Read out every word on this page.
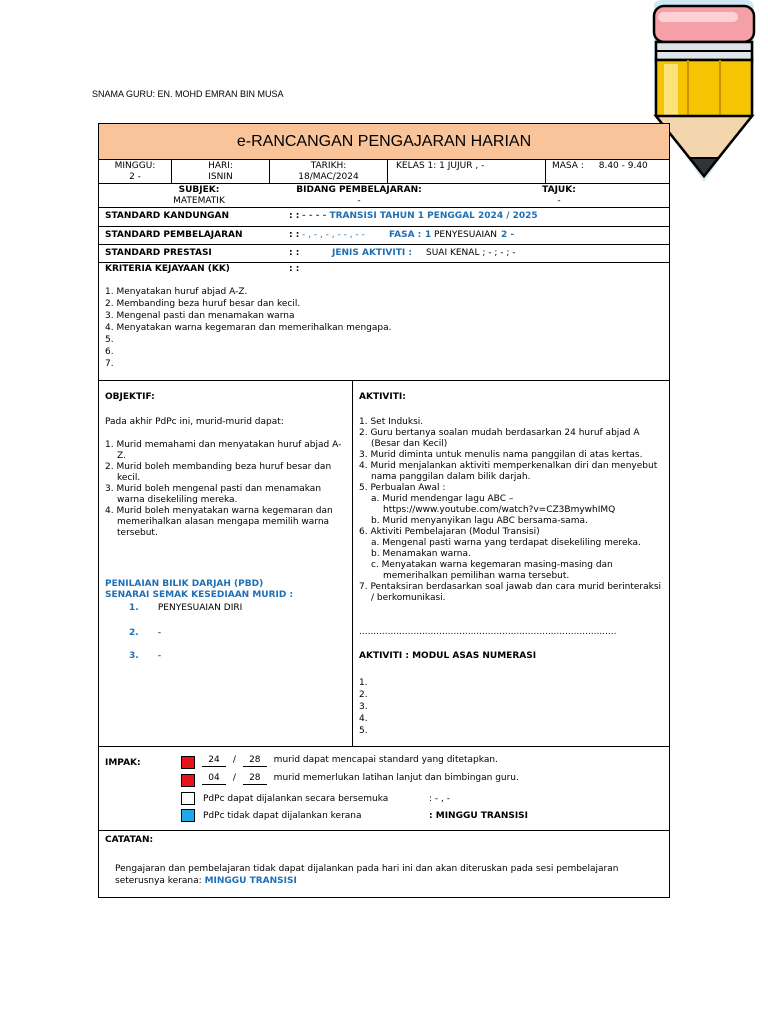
SNAMA GURU: EN. MOHD EMRAN BIN MUSA
e-RANCANGAN PENGAJARAN HARIAN
MINGGU:
2 -
HARI:
ISNIN
TARIKH:
18/MAC/2024
KELAS 1: 1 JUJUR , -	MASA : 8.40 - 9.40
SUBJEK:
MATEMATIK
BIDANG PEMBELAJARAN:
-
TAJUK:
-
STANDARD KANDUNGAN	: : - - - - TRANSISI TAHUN 1 PENGGAL 2024 / 2025
STANDARD PEMBELAJARAN	: : - , - , - , - - , - -	FASA : 1 PENYESUAIAN 2 -
STANDARD PRESTASI	: :	JENIS AKTIVITI : SUAI KENAL ; - ; - ; -
KRITERIA KEJAYAAN (KK)	: :
1. Menyatakan huruf abjad A-Z.
2. Membanding beza huruf besar dan kecil.
3. Mengenal pasti dan menamakan warna
4. Menyatakan warna kegemaran dan memerihalkan mengapa.
5.
6.
7.
OBJEKTIF:
Pada akhir PdPc ini, murid-murid dapat:
1. Murid memahami dan menyatakan huruf abjad A-Z.
2. Murid boleh membanding beza huruf besar dan kecil.
3. Murid boleh mengenal pasti dan menamakan warna disekeliling mereka.
4. Murid boleh menyatakan warna kegemaran dan memerihalkan alasan mengapa memilih warna tersebut.
PENILAIAN BILIK DARJAH (PBD)
SENARAI SEMAK KESEDIAAN MURID :
1. PENYESUAIAN DIRI
2. -
3. -
AKTIVITI:
1. Set Induksi.
2. Guru bertanya soalan mudah berdasarkan 24 huruf abjad A (Besar dan Kecil)
3. Murid diminta untuk menulis nama panggilan di atas kertas.
4. Murid menjalankan aktiviti memperkenalkan diri dan menyebut nama panggilan dalam bilik darjah.
5. Perbualan Awal :
a. Murid mendengar lagu ABC – https://www.youtube.com/watch?v=CZ3BmywhIMQ
b. Murid menyanyikan lagu ABC bersama-sama.
6. Aktiviti Pembelajaran (Modul Transisi)
a. Mengenal pasti warna yang terdapat disekeliling mereka.
b. Menamakan warna.
c. Menyatakan warna kegemaran masing-masing dan memerihalkan pemilihan warna tersebut.
7. Pentaksiran berdasarkan soal jawab dan cara murid berinteraksi / berkomunikasi.
..........................................................................................
AKTIVITI : MODUL ASAS NUMERASI
1.
2.
3.
4.
5.
IMPAK:	24 / 28 murid dapat mencapai standard yang ditetapkan.
04 / 28 murid memerlukan latihan lanjut dan bimbingan guru.
PdPc dapat dijalankan secara bersemuka	: - , -
PdPc tidak dapat dijalankan kerana	: MINGGU TRANSISI
CATATAN:
Pengajaran dan pembelajaran tidak dapat dijalankan pada hari ini dan akan diteruskan pada sesi pembelajaran seterusnya kerana: MINGGU TRANSISI
